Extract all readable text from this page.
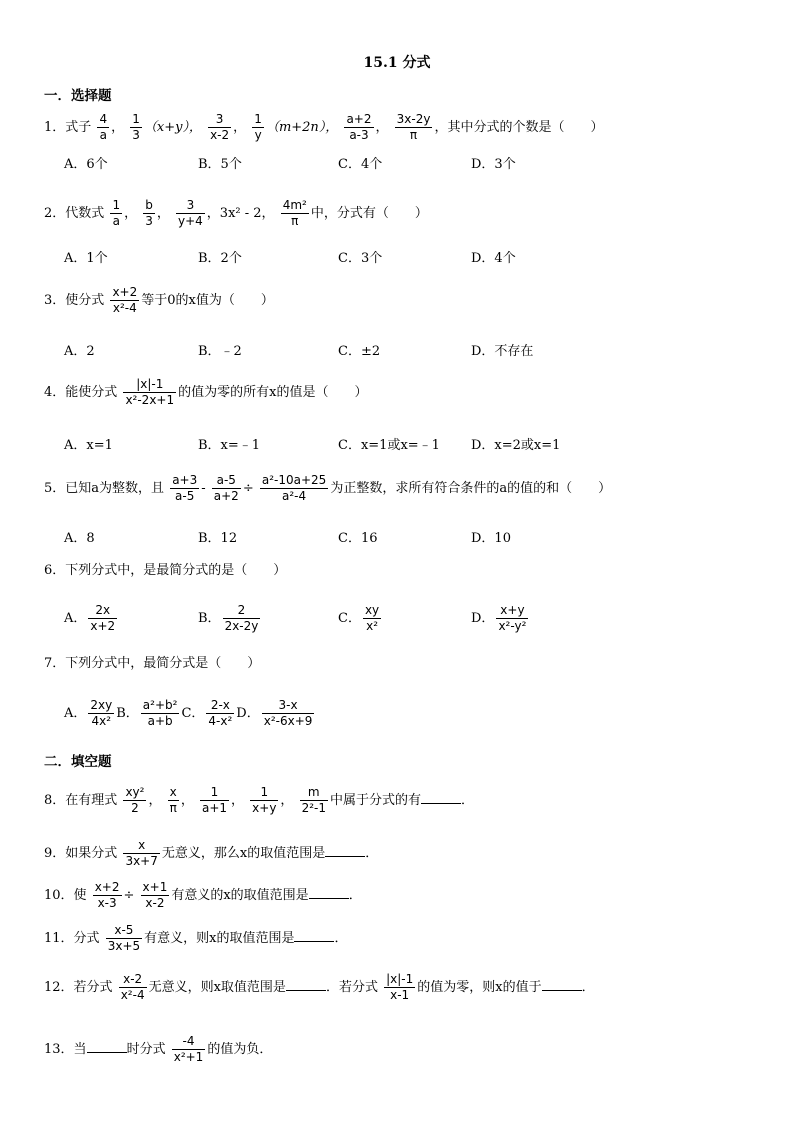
15.1 分式
一．选择题
1．式子 $\frac{4}{a}$ ， $\frac{1}{3} (x+y)$， $\frac{3}{x-2}$ ， $\frac{1}{y} (m+2n)$， $\frac{a+2}{a-3}$ ， $\frac{3x-2y}{\pi}$ ，其中分式的个数是（　　）
A．6个	B．5个	C．4个	D．3个
2．代数式 $\frac{1}{a}$ ， $\frac{b}{3}$ ， $\frac{3}{y+4}$ ，3x² - 2， $\frac{\text{4m²}}{\pi}$ 中，分式有（　　）
A．1个	B．2个	C．3个	D．4个
3．使分式 $\frac{x+2}{\text{x²-4}}$ 等于0的x值为（　　）
A．2	B．﹣2	C．±2	D．不存在
4．能使分式 $\frac{|x|-1}{\text{x²-2x+1}}$ 的值为零的所有x的值是（　　）
A．x=1	B．x=﹣1	C．x=1或x=﹣1 D．x=2或x=1
5．已知a为整数，且 $\frac{a+3}{a-5} - \frac{a-5}{a+2} \div \frac{\text{a²-10a+25}}{\text{a²-4}}$ 为正整数，求所有符合条件的a的值的和（　　）
A．8	B．12	C．16	D．10
6．下列分式中，是最简分式的是（　　）
A． $\frac{2x}{x+2}$	B． $\frac{2}{2x-2y}$	C． $\frac{xy}{\text{x²}}$	D． $\frac{x+y}{\text{x²-y²}}$
7．下列分式中，最简分式是（　　）
A． $\frac{2xy}{\text{4x²}}$ B． $\frac{\text{a²+b²}}{a+b}$ C． $\frac{2-x}{\text{4-x²}}$ D． $\frac{3-x}{\text{x²-6x+9}}$
二．填空题
8．在有理式 $\frac{\text{xy²}}{2}$ ， $\frac{x}{\pi}$ ， $\frac{1}{a+1}$ ， $\frac{1}{x+y}$ ， $\frac{m}{\text{2²-1}}$ 中属于分式的有	．
9．如果分式 $\frac{x}{3x+7}$ 无意义，那么x的取值范围是	．
10．使 $\frac{x+2}{x-3} \div \frac{x+1}{x-2}$ 有意义的x的取值范围是	．
11．分式 $\frac{x-5}{3x+5}$ 有意义，则x的取值范围是	．
12．若分式 $\frac{x-2}{\text{x²-4}}$ 无意义，则x取值范围是	．若分式 $\frac{|x|-1}{x-1}$ 的值为零，则x的值于	．
13．当	时分式 $\frac{-4}{\text{x²+1}}$ 的值为负．
